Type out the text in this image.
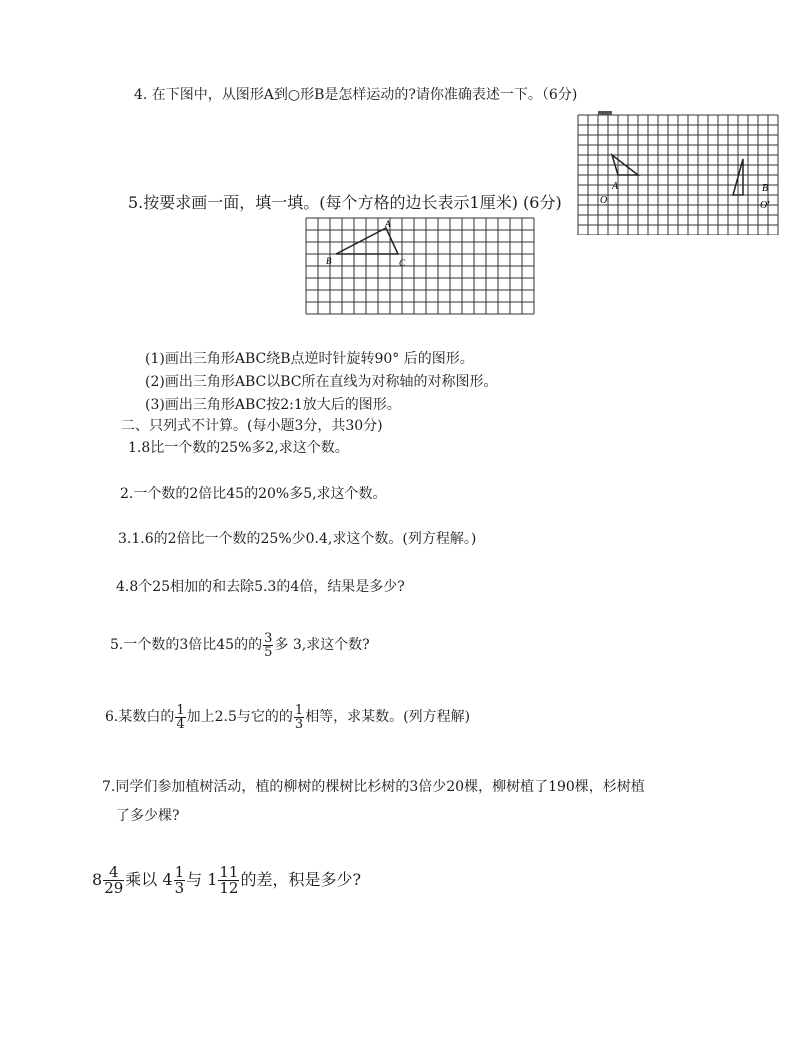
4. 在下图中，从图形A到○形B是怎样运动的?请你准确表述一下。（6分)
A
O
B
O'
5.按要求画一面，填一填。(每个方格的边长表示1厘米) (6分)
A
B	C
(1)画出三角形ABC绕B点逆时针旋转90° 后的图形。
(2)画出三角形ABC以BC所在直线为对称轴的对称图形。
(3)画出三角形ABC按2:1放大后的图形。
二、只列式不计算。(每小题3分，共30分)
1.8比一个数的25%多2,求这个数。
2.一个数的2倍比45的20%多5,求这个数。
3.1.6的2倍比一个数的25%少0.4,求这个数。(列方程解。)
4.8个25相加的和去除5.3的4倍，结果是多少?
5.一个数的3倍比45的的 $\frac{3}{5}$ 多 3,求这个数?
6.某数白的 $\frac{1}{4}$ 加上2.5与它的的 $\frac{1}{3}$ 相等，求某数。(列方程解)
7.同学们参加植树活动，植的柳树的棵树比杉树的3倍少20棵，柳树植了190棵，杉树植
了多少棵?
$8 \frac{4}{29}$ 乘以 $4 \frac{1}{3}$ 与 $1 \frac{11}{12}$ 的差，积是多少?
